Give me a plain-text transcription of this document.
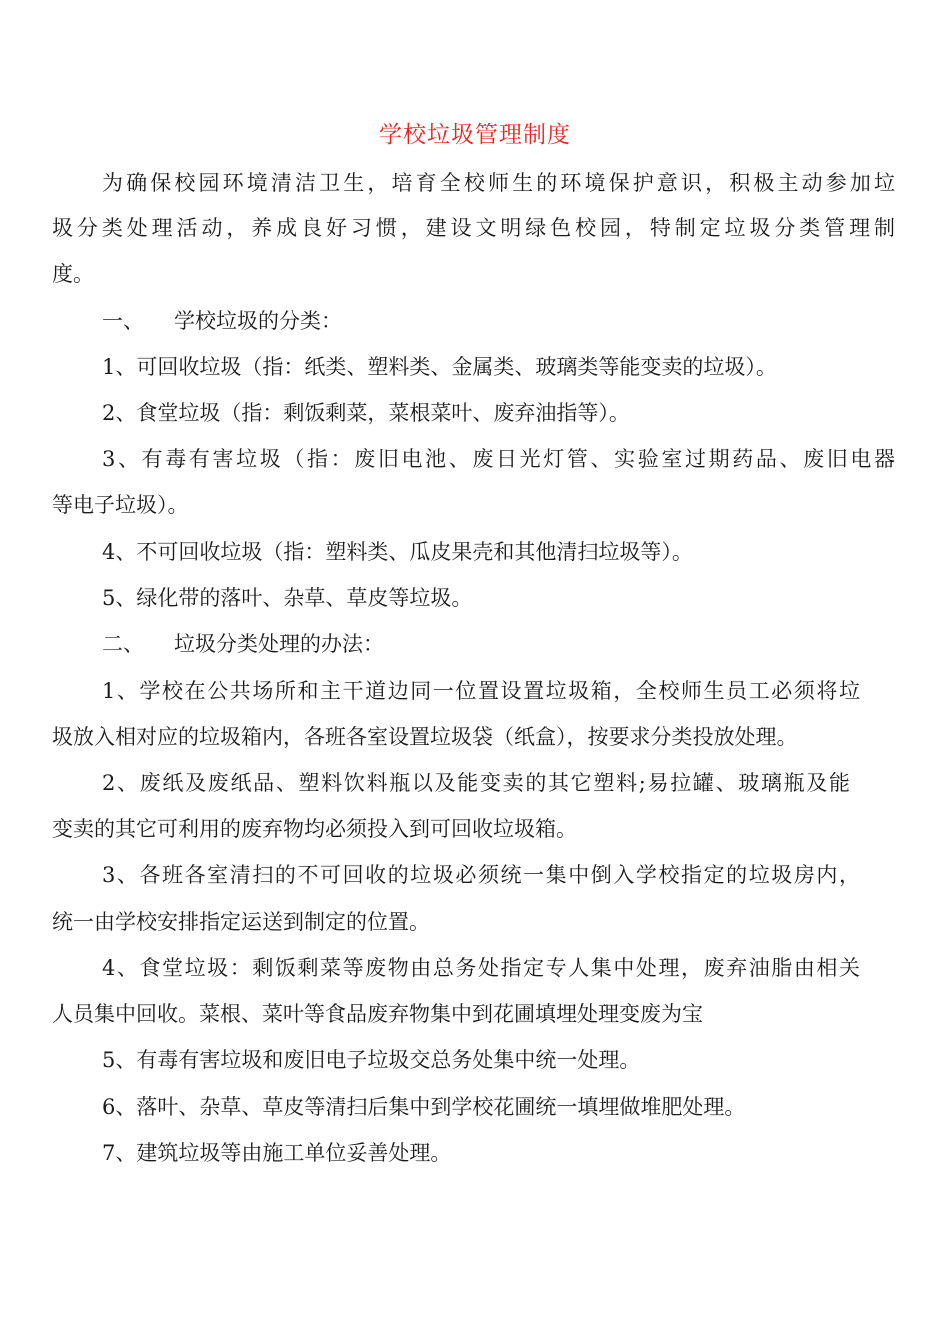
学校垃圾管理制度
为确保校园环境清洁卫生，培育全校师生的环境保护意识，积极主动参加垃
圾分类处理活动，养成良好习惯，建设文明绿色校园，特制定垃圾分类管理制
度。
一、 学校垃圾的分类：
1、可回收垃圾（指：纸类、塑料类、金属类、玻璃类等能变卖的垃圾）。
2、食堂垃圾（指：剩饭剩菜，菜根菜叶、废弃油指等）。
3、有毒有害垃圾（指：废旧电池、废日光灯管、实验室过期药品、废旧电器
等电子垃圾）。
4、不可回收垃圾（指：塑料类、瓜皮果壳和其他清扫垃圾等）。
5、绿化带的落叶、杂草、草皮等垃圾。
二、 垃圾分类处理的办法：
1、学校在公共场所和主干道边同一位置设置垃圾箱，全校师生员工必须将垃
圾放入相对应的垃圾箱内，各班各室设置垃圾袋（纸盒），按要求分类投放处理。
2、废纸及废纸品、塑料饮料瓶以及能变卖的其它塑料;易拉罐、玻璃瓶及能
变卖的其它可利用的废弃物均必须投入到可回收垃圾箱。
3、各班各室清扫的不可回收的垃圾必须统一集中倒入学校指定的垃圾房内，
统一由学校安排指定运送到制定的位置。
4、食堂垃圾：剩饭剩菜等废物由总务处指定专人集中处理，废弃油脂由相关
人员集中回收。菜根、菜叶等食品废弃物集中到花圃填埋处理变废为宝
5、有毒有害垃圾和废旧电子垃圾交总务处集中统一处理。
6、落叶、杂草、草皮等清扫后集中到学校花圃统一填埋做堆肥处理。
7、建筑垃圾等由施工单位妥善处理。
